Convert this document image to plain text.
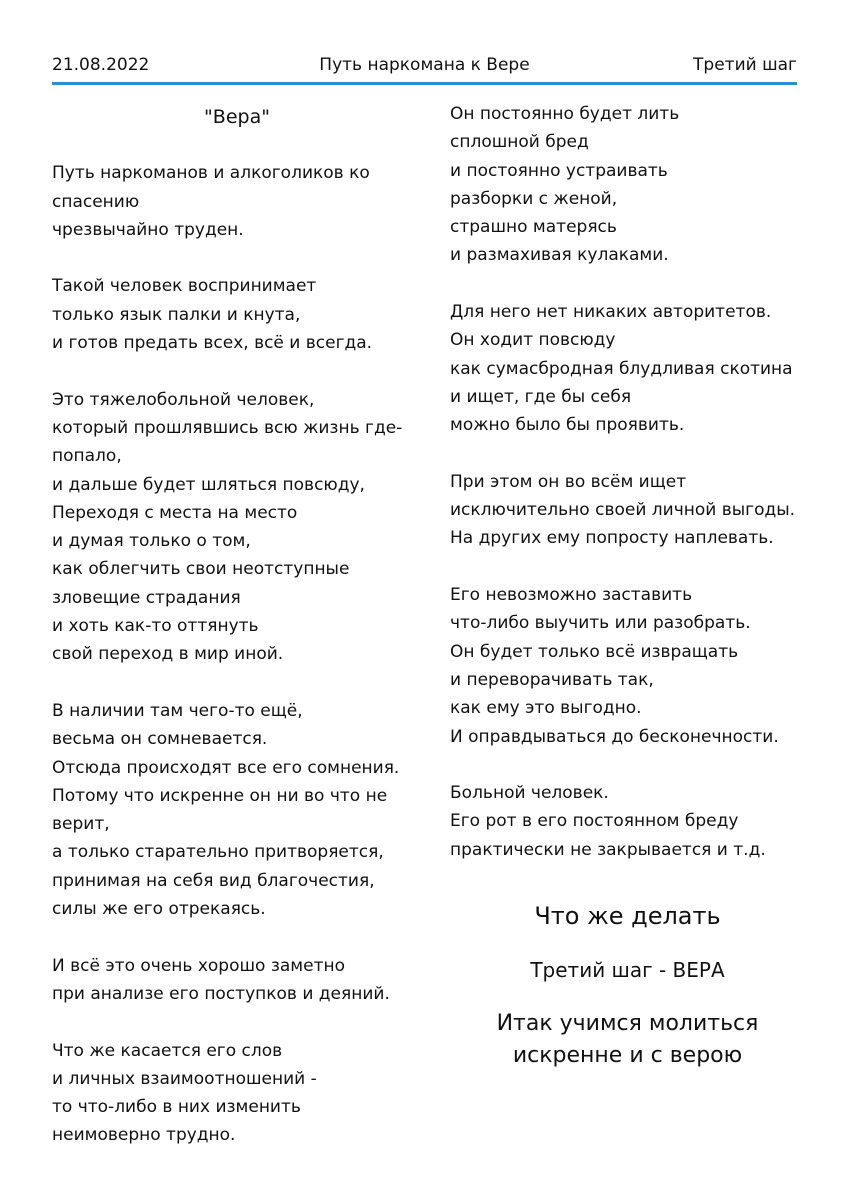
21.08.2022	Путь наркомана к Вере	Третий шаг
"Вера"
Путь наркоманов и алкоголиков ко спасению
чрезвычайно труден.
Такой человек воспринимает
только язык палки и кнута,
и готов предать всех, всё и всегда.
Это тяжелобольной человек,
который прошлявшись всю жизнь где-попало,
и дальше будет шляться повсюду,
Переходя с места на место
и думая только о том,
как облегчить свои неотступные
зловещие страдания
и хоть как-то оттянуть
свой переход в мир иной.
В наличии там чего-то ещё,
весьма он сомневается.
Отсюда происходят все его сомнения.
Потому что искренне он ни во что не верит,
а только старательно притворяется,
принимая на себя вид благочестия,
силы же его отрекаясь.
И всё это очень хорошо заметно
при анализе его поступков и деяний.
Что же касается его слов
и личных взаимоотношений -
то что-либо в них изменить
неимоверно трудно.
Он постоянно будет лить
сплошной бред
и постоянно устраивать
разборки с женой,
страшно матерясь
и размахивая кулаками.
Для него нет никаких авторитетов.
Он ходит повсюду
как сумасбродная блудливая скотина
и ищет, где бы себя
можно было бы проявить.
При этом он во всём ищет
исключительно своей личной выгоды.
На других ему попросту наплевать.
Его невозможно заставить
что-либо выучить или разобрать.
Он будет только всё извращать
и переворачивать так,
как ему это выгодно.
И оправдываться до бесконечности.
Больной человек.
Его рот в его постоянном бреду
практически не закрывается и т.д.
Что же делать
Третий шаг - ВЕРА
Итак учимся молиться
искренне и с верою
